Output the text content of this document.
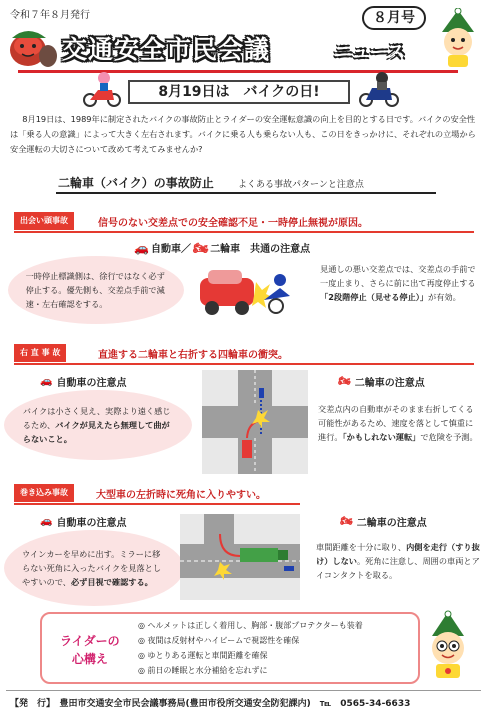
令和７年８月発行
交通安全市民会議	ニュース
８月号
8月19日は　バイクの日!

8月19日は、1989年に制定されたバイクの事故防止とライダーの安全運転意識の向上を目的とする日です。バイクの安全性は「乗る人の意識」によって大きく左右されます。バイクに乗る人も乗らない人も、この日をきっかけに、それぞれの立場から安全運転の大切さについて改めて考えてみませんか?

二輪車（バイク）の事故防止	よくある事故パターンと注意点
出会い頭事故	信号のない交差点での安全確認不足・一時停止無視が原因。
🚗 自動車／ 🏍 二輪車　共通の注意点
一時停止標識側は、徐行ではなく必ず停止する。優先側も、交差点手前で減速・左右確認をする。
見通しの悪い交差点では、交差点の手前で一度止まり、さらに前に出て再度停止する「2段階停止（見せる停止）」が有効。
右 直 事 故	直進する二輪車と右折する四輪車の衝突。
🚗 自動車の注意点
バイクは小さく見え、実際より遠く感じるため、バイクが見えたら無理して曲がらないこと。
🏍 二輪車の注意点
交差点内の自動車がそのまま右折してくる可能性があるため、速度を落として慎重に進行。「かもしれない運転」で危険を予測。
巻き込み事故	大型車の左折時に死角に入りやすい。
🚗 自動車の注意点
ウインカーを早めに出す。ミラーに移らない死角に入ったバイクを見落としやすいので、必ず目視で確認する。
🏍 二輪車の注意点
車間距離を十分に取り、内側を走行（すり抜け）しない。死角に注意し、周囲の車両とアイコンタクトを取る。
ライダーの
心構え
◎ ヘルメットは正しく着用し、胸部・腹部プロテクターも装着
◎ 夜間は反射材やハイビームで視認性を確保
◎ ゆとりある運転と車間距離を確保
◎ 前日の睡眠と水分補給を忘れずに
【発　行】　豊田市交通安全市民会議事務局(豊田市役所交通安全防犯課内)　℡　0565-34-6633
